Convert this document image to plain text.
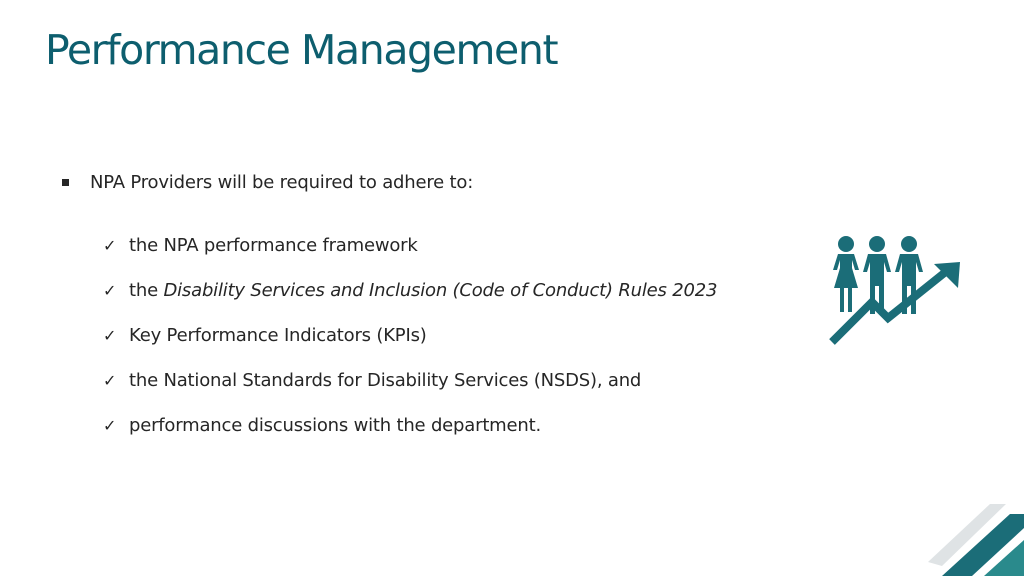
Performance Management
NPA Providers will be required to adhere to:
✓ the NPA performance framework
✓ the Disability Services and Inclusion (Code of Conduct) Rules 2023
✓ Key Performance Indicators (KPIs)
✓ the National Standards for Disability Services (NSDS), and
✓ performance discussions with the department.
